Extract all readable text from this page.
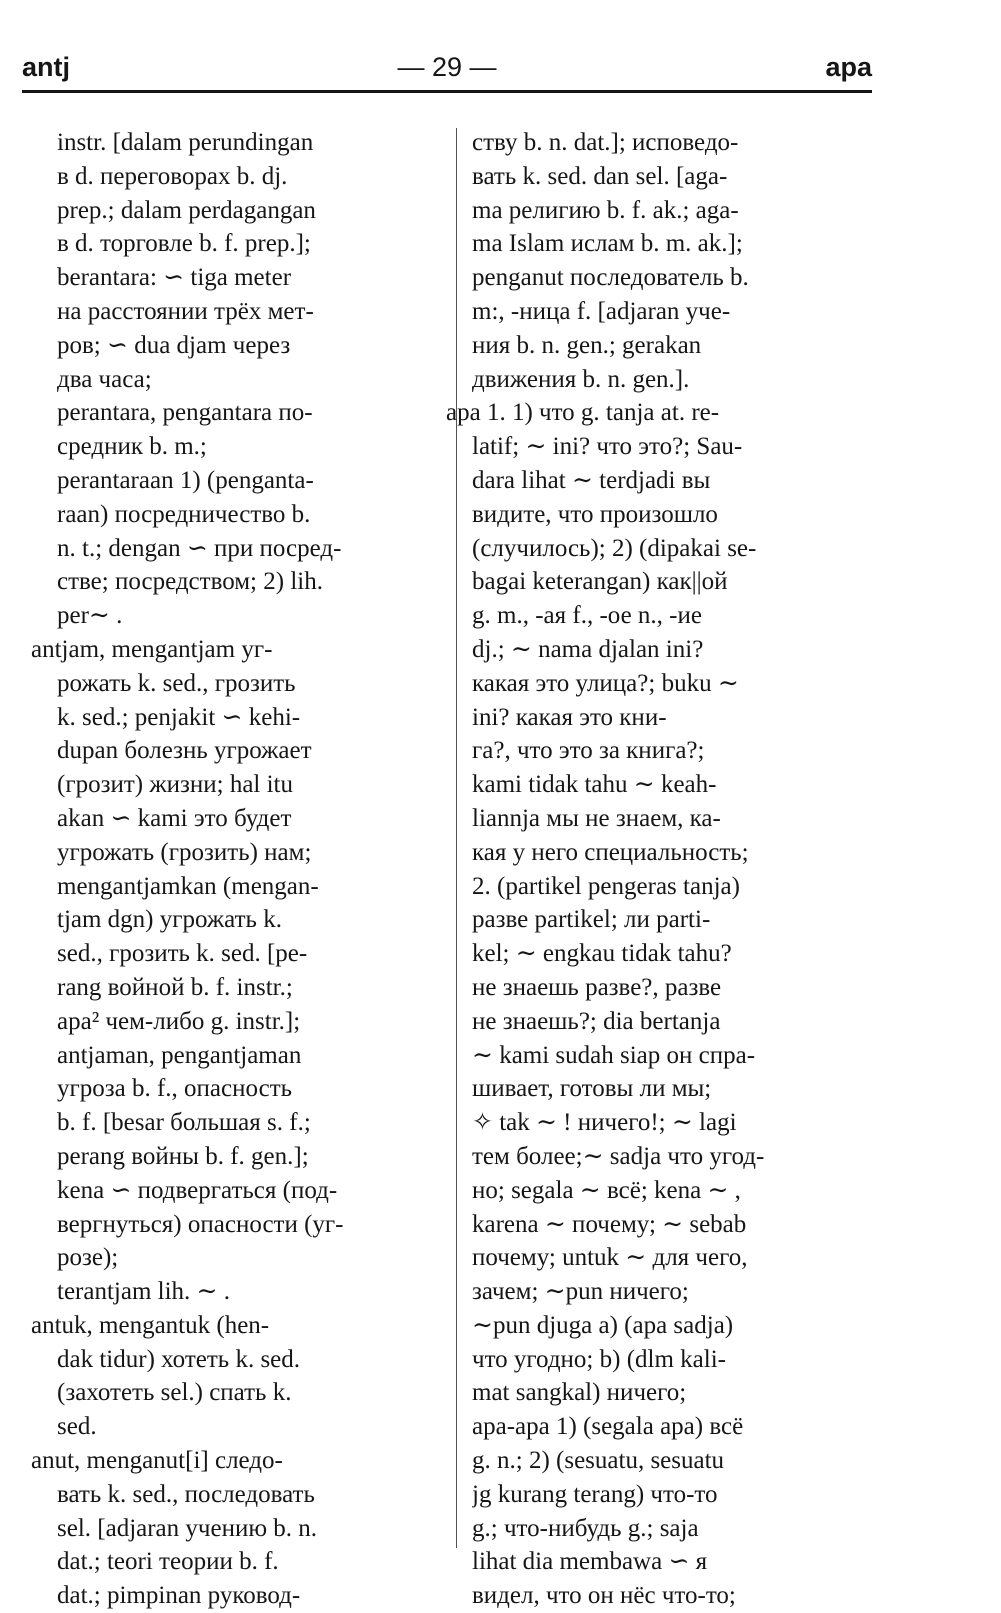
antj	— 29 —	apa
instr. [dalam perundingan
в d. переговорах b. dj.
prep.; dalam perdagangan
в d. торговле b. f. prep.];
berantara: ∽ tiga meter
на расстоянии трёх мет-
ров; ∽ dua djam через
два часа;
perantara, pengantara по-
средник b. m.;
perantaraan 1) (penganta-
raan) посредничество b.
n. t.; dengan ∽ при посред-
стве; посредством; 2) lih.
per∼ .
antjam, mengantjam уг-
рожать k. sed., грозить
k. sed.; penjakit ∽ kehi-
dupan болезнь угрожает
(грозит) жизни; hal itu
akan ∽ kami это будет
угрожать (грозить) нам;
mengantjamkan (mengan-
tjam dgn) угрожать k.
sed., грозить k. sed. [pe-
rang войной b. f. instr.;
apa² чем-либо g. instr.];
antjaman, pengantjaman
угроза b. f., опасность
b. f. [besar большая s. f.;
perang войны b. f. gen.];
kena ∽ подвергаться (под-
вергнуться) опасности (уг-
розе);
terantjam lih. ∼ .
antuk, mengantuk (hen-
dak tidur) хотеть k. sed.
(захотеть sel.) спать k.
sed.
anut, menganut[i] следо-
вать k. sed., последовать
sel. [adjaran учению b. n.
dat.; teori теории b. f.
dat.; pimpinan руковод-
ству b. n. dat.]; исповедо-
вать k. sed. dan sel. [aga-
ma религию b. f. ak.; aga-
ma Islam ислам b. m. ak.];
penganut последователь b.
m:, -ница f. [adjaran уче-
ния b. n. gen.; gerakan
движения b. n. gen.].
apa 1. 1) что g. tanja at. re-
latif; ∼ ini? что это?; Sau-
dara lihat ∼ terdjadi вы
видите, что произошло
(случилось); 2) (dipakai se-
bagai keterangan) как||ой
g. m., -ая f., -ое n., -ие
dj.; ∼ nama djalan ini?
какая это улица?; buku ∼
ini? какая это кни-
га?, что это за книга?;
kami tidak tahu ∼ keah-
liannja мы не знаем, ка-
кая у него специальность;
2. (partikel pengeras tanja)
разве partikel; ли parti-
kel; ∼ engkau tidak tahu?
не знаешь разве?, разве
не знаешь?; dia bertanja
∼ kami sudah siap он спра-
шивает, готовы ли мы;
✧ tak ∼ ! ничего!; ∼ lagi
тем более;∼ sadja что угод-
но; segala ∼ всё; kena ∼ ,
karena ∼ почему; ∼ sebab
почему; untuk ∼ для чего,
зачем; ∼pun ничего;
∼pun djuga a) (apa sadja)
что угодно; b) (dlm kali-
mat sangkal) ничего;
apa-apa 1) (segala apa) всё
g. n.; 2) (sesuatu, sesuatu
jg kurang terang) что-то
g.; что-нибудь g.; saja
lihat dia membawa ∽ я
видел, что он нёс что-то;
